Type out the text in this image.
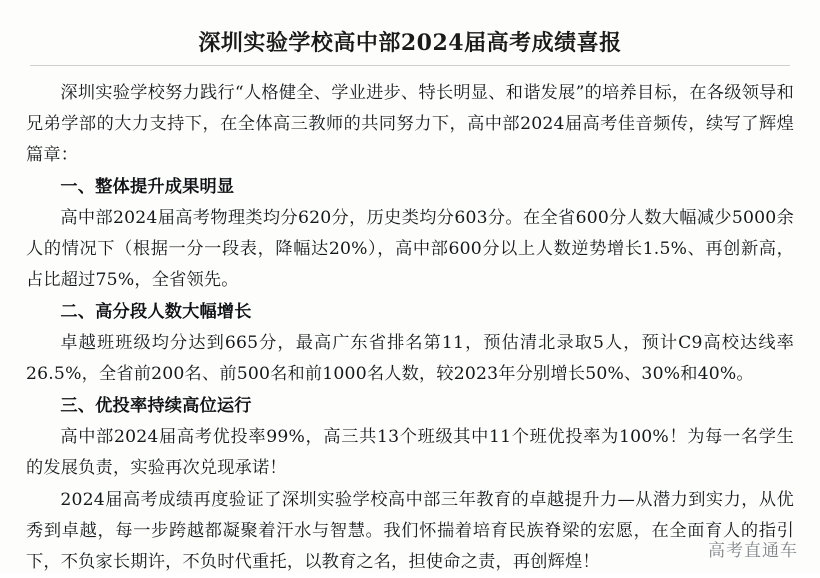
深圳实验学校高中部2024届高考成绩喜报

深圳实验学校努力践行“人格健全、学业进步、特长明显、和谐发展”的培养目标，在各级领导和兄弟学部的大力支持下，在全体高三教师的共同努力下，高中部2024届高考佳音频传，续写了辉煌篇章：

一、整体提升成果明显

高中部2024届高考物理类均分620分，历史类均分603分。在全省600分人数大幅减少5000余人的情况下（根据一分一段表，降幅达20%），高中部600分以上人数逆势增长1.5%、再创新高，占比超过75%，全省领先。

二、高分段人数大幅增长

卓越班班级均分达到665分，最高广东省排名第11，预估清北录取5人，预计C9高校达线率26.5%，全省前200名、前500名和前1000名人数，较2023年分别增长50%、30%和40%。

三、优投率持续高位运行

高中部2024届高考优投率99%，高三共13个班级其中11个班优投率为100%！为每一名学生的发展负责，实验再次兑现承诺！

2024届高考成绩再度验证了深圳实验学校高中部三年教育的卓越提升力—从潜力到实力，从优秀到卓越，每一步跨越都凝聚着汗水与智慧。我们怀揣着培育民族脊梁的宏愿，在全面育人的指引下，不负家长期许，不负时代重托，以教育之名，担使命之责，再创辉煌！

高考直通车
